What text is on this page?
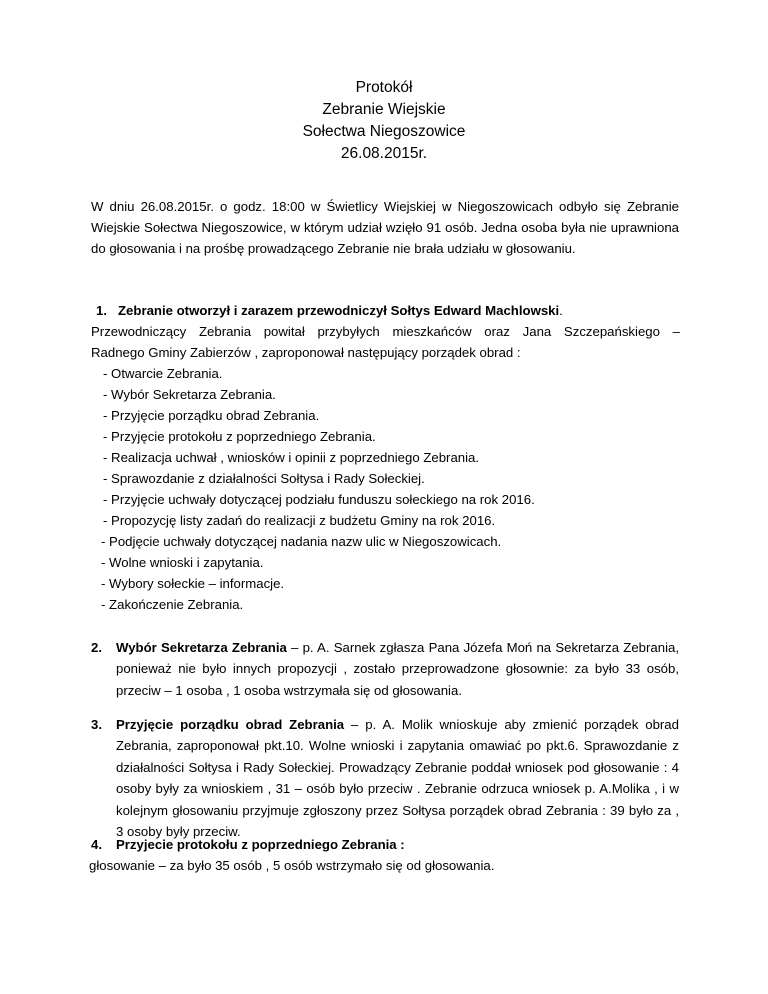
Protokół
Zebranie Wiejskie
Sołectwa Niegoszowice
26.08.2015r.
W dniu 26.08.2015r. o godz. 18:00 w Świetlicy Wiejskiej w Niegoszowicach odbyło się Zebranie Wiejskie Sołectwa Niegoszowice, w którym udział wzięło 91 osób. Jedna osoba była nie uprawniona do głosowania i na prośbę prowadzącego Zebranie nie brała udziału w głosowaniu.
1. Zebranie otworzył i zarazem przewodniczył Sołtys Edward Machlowski.
Przewodniczący Zebrania powitał przybyłych mieszkańców oraz Jana Szczepańskiego –
Radnego Gminy Zabierzów , zaproponował następujący porządek obrad :
- Otwarcie Zebrania.
- Wybór Sekretarza Zebrania.
- Przyjęcie porządku obrad Zebrania.
- Przyjęcie protokołu z poprzedniego Zebrania.
- Realizacja uchwał , wniosków i opinii z poprzedniego Zebrania.
- Sprawozdanie z działalności Sołtysa i Rady Sołeckiej.
- Przyjęcie uchwały dotyczącej podziału funduszu sołeckiego na rok 2016.
- Propozycję listy zadań do realizacji z budżetu Gminy na rok 2016.
- Podjęcie uchwały dotyczącej nadania nazw ulic w Niegoszowicach.
- Wolne wnioski i zapytania.
- Wybory sołeckie – informacje.
- Zakończenie Zebrania.
2. Wybór Sekretarza Zebrania – p. A. Sarnek zgłasza Pana Józefa Moń na Sekretarza Zebrania, ponieważ nie było innych propozycji , zostało przeprowadzone głosownie: za było 33 osób, przeciw – 1 osoba , 1 osoba wstrzymała się od głosowania.
3. Przyjęcie porządku obrad Zebrania – p. A. Molik wnioskuje aby zmienić porządek obrad Zebrania, zaproponował pkt.10. Wolne wnioski i zapytania omawiać po pkt.6. Sprawozdanie z działalności Sołtysa i Rady Sołeckiej. Prowadzący Zebranie poddał wniosek pod głosowanie : 4 osoby były za wnioskiem , 31 – osób było przeciw . Zebranie odrzuca wniosek p. A.Molika , i w kolejnym głosowaniu przyjmuje zgłoszony przez Sołtysa porządek obrad Zebrania : 39 było za , 3 osoby były przeciw.
4. Przyjecie protokołu z poprzedniego Zebrania :
głosowanie – za było 35 osób , 5 osób wstrzymało się od głosowania.
